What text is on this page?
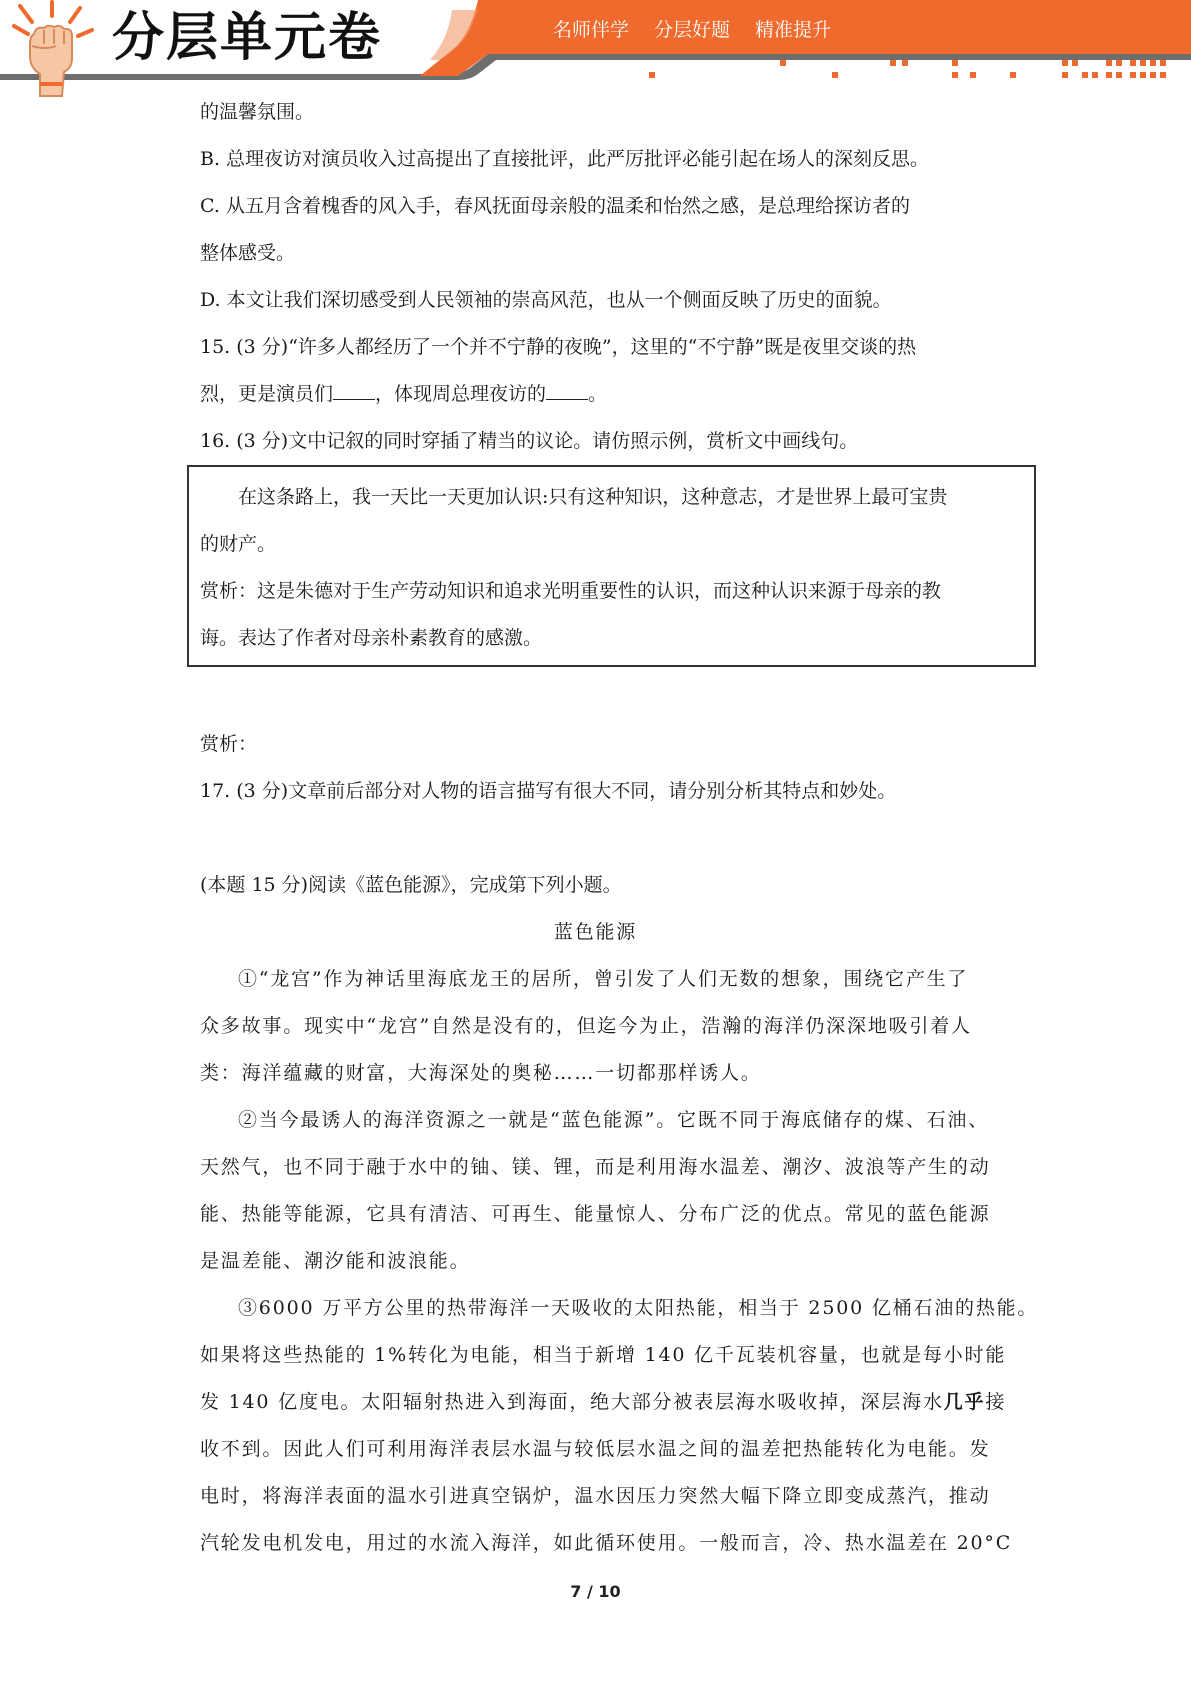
分层单元卷	名师伴学 分层好题 精准提升
的温馨氛围。
B. 总理夜访对演员收入过高提出了直接批评，此严厉批评必能引起在场人的深刻反思。
C. 从五月含着槐香的风入手，春风抚面母亲般的温柔和怡然之感，是总理给探访者的
整体感受。
D. 本文让我们深切感受到人民领袖的崇高风范，也从一个侧面反映了历史的面貌。
15. (3 分)“许多人都经历了一个并不宁静的夜晚”，这里的“不宁静”既是夜里交谈的热
烈，更是演员们 ，体现周总理夜访的 。
16. (3 分)文中记叙的同时穿插了精当的议论。请仿照示例，赏析文中画线句。
在这条路上，我一天比一天更加认识:只有这种知识，这种意志，才是世界上最可宝贵
的财产。
赏析：这是朱德对于生产劳动知识和追求光明重要性的认识，而这种认识来源于母亲的教
诲。表达了作者对母亲朴素教育的感激。
赏析：
17. (3 分)文章前后部分对人物的语言描写有很大不同，请分别分析其特点和妙处。
(本题 15 分)阅读《蓝色能源》，完成第下列小题。
蓝色能源
①“龙宫”作为神话里海底龙王的居所，曾引发了人们无数的想象，围绕它产生了
众多故事。现实中“龙宫”自然是没有的，但迄今为止，浩瀚的海洋仍深深地吸引着人
类：海洋蕴藏的财富，大海深处的奥秘……一切都那样诱人。
②当今最诱人的海洋资源之一就是“蓝色能源”。它既不同于海底储存的煤、石油、
天然气，也不同于融于水中的铀、镁、锂，而是利用海水温差、潮汐、波浪等产生的动
能、热能等能源，它具有清洁、可再生、能量惊人、分布广泛的优点。常见的蓝色能源
是温差能、潮汐能和波浪能。
③6000 万平方公里的热带海洋一天吸收的太阳热能，相当于 2500 亿桶石油的热能。
如果将这些热能的 1%转化为电能，相当于新增 140 亿千瓦装机容量，也就是每小时能
发 140 亿度电。太阳辐射热进入到海面，绝大部分被表层海水吸收掉，深层海水几乎接
收不到。因此人们可利用海洋表层水温与较低层水温之间的温差把热能转化为电能。发
电时，将海洋表面的温水引进真空锅炉，温水因压力突然大幅下降立即变成蒸汽，推动
汽轮发电机发电，用过的水流入海洋，如此循环使用。一般而言，冷、热水温差在 20°C
7 / 10
